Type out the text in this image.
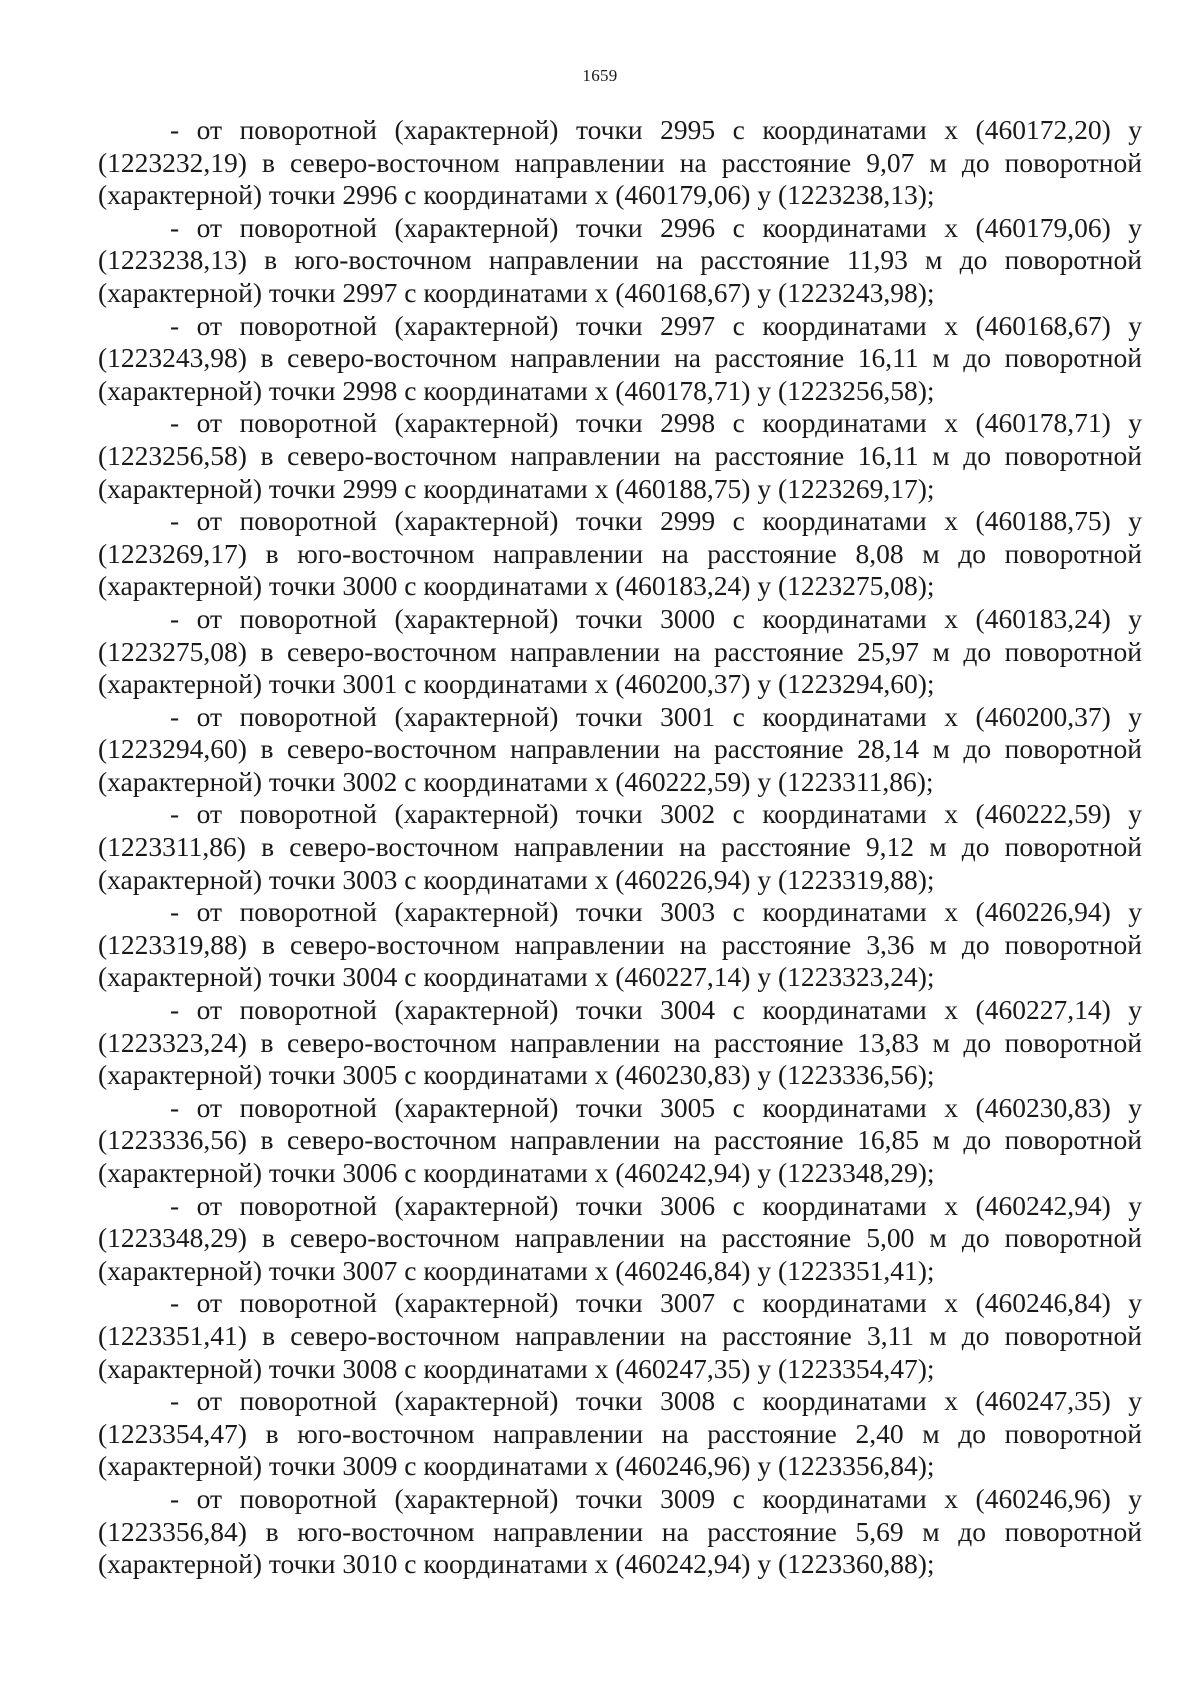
1659

- от поворотной (характерной) точки 2995 с координатами х (460172,20) у (1223232,19) в северо-восточном направлении на расстояние 9,07 м до поворотной (характерной) точки 2996 с координатами х (460179,06) у (1223238,13);

- от поворотной (характерной) точки 2996 с координатами х (460179,06) у (1223238,13) в юго-восточном направлении на расстояние 11,93 м до поворотной (характерной) точки 2997 с координатами х (460168,67) у (1223243,98);

- от поворотной (характерной) точки 2997 с координатами х (460168,67) у (1223243,98) в северо-восточном направлении на расстояние 16,11 м до поворотной (характерной) точки 2998 с координатами х (460178,71) у (1223256,58);

- от поворотной (характерной) точки 2998 с координатами х (460178,71) у (1223256,58) в северо-восточном направлении на расстояние 16,11 м до поворотной (характерной) точки 2999 с координатами х (460188,75) у (1223269,17);

- от поворотной (характерной) точки 2999 с координатами х (460188,75) у (1223269,17) в юго-восточном направлении на расстояние 8,08 м до поворотной (характерной) точки 3000 с координатами х (460183,24) у (1223275,08);

- от поворотной (характерной) точки 3000 с координатами х (460183,24) у (1223275,08) в северо-восточном направлении на расстояние 25,97 м до поворотной (характерной) точки 3001 с координатами х (460200,37) у (1223294,60);

- от поворотной (характерной) точки 3001 с координатами х (460200,37) у (1223294,60) в северо-восточном направлении на расстояние 28,14 м до поворотной (характерной) точки 3002 с координатами х (460222,59) у (1223311,86);

- от поворотной (характерной) точки 3002 с координатами х (460222,59) у (1223311,86) в северо-восточном направлении на расстояние 9,12 м до поворотной (характерной) точки 3003 с координатами х (460226,94) у (1223319,88);

- от поворотной (характерной) точки 3003 с координатами х (460226,94) у (1223319,88) в северо-восточном направлении на расстояние 3,36 м до поворотной (характерной) точки 3004 с координатами х (460227,14) у (1223323,24);

- от поворотной (характерной) точки 3004 с координатами х (460227,14) у (1223323,24) в северо-восточном направлении на расстояние 13,83 м до поворотной (характерной) точки 3005 с координатами х (460230,83) у (1223336,56);

- от поворотной (характерной) точки 3005 с координатами х (460230,83) у (1223336,56) в северо-восточном направлении на расстояние 16,85 м до поворотной (характерной) точки 3006 с координатами х (460242,94) у (1223348,29);

- от поворотной (характерной) точки 3006 с координатами х (460242,94) у (1223348,29) в северо-восточном направлении на расстояние 5,00 м до поворотной (характерной) точки 3007 с координатами х (460246,84) у (1223351,41);

- от поворотной (характерной) точки 3007 с координатами х (460246,84) у (1223351,41) в северо-восточном направлении на расстояние 3,11 м до поворотной (характерной) точки 3008 с координатами х (460247,35) у (1223354,47);

- от поворотной (характерной) точки 3008 с координатами х (460247,35) у (1223354,47) в юго-восточном направлении на расстояние 2,40 м до поворотной (характерной) точки 3009 с координатами х (460246,96) у (1223356,84);

- от поворотной (характерной) точки 3009 с координатами х (460246,96) у (1223356,84) в юго-восточном направлении на расстояние 5,69 м до поворотной (характерной) точки 3010 с координатами х (460242,94) у (1223360,88);
